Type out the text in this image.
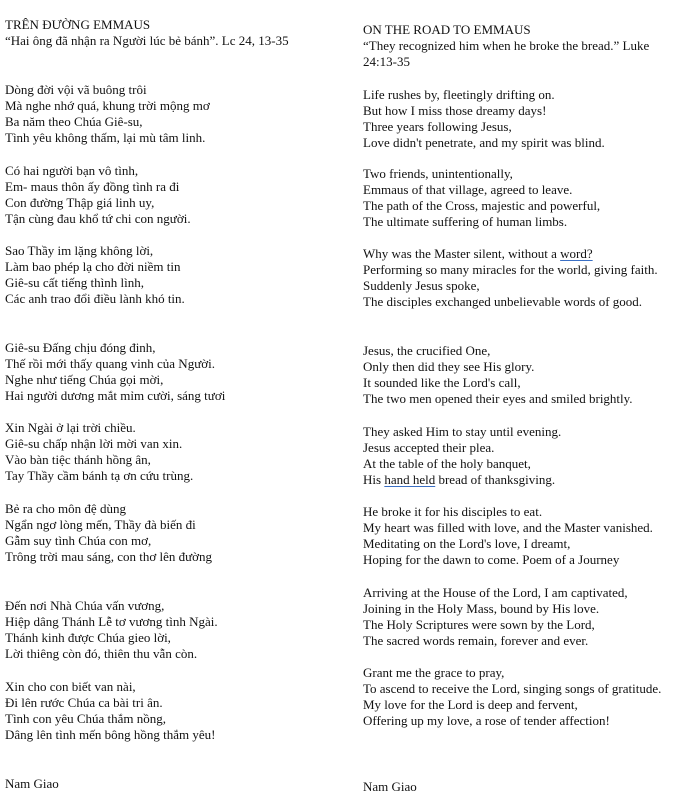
TRÊN ĐƯỜNG EMMAUS
“Hai ông đã nhận ra Người lúc bẻ bánh”. Lc 24, 13-35
Dòng đời vội vã buông trôi
Mà nghe nhớ quá, khung trời mộng mơ
Ba năm theo Chúa Giê-su,
Tình yêu không thấm, lại mù tâm linh.
Có hai người bạn vô tình,
Em- maus thôn ấy đồng tình ra đi
Con đường Thập giá linh uy,
Tận cùng đau khổ tứ chi con người.
Sao Thầy im lặng không lời,
Làm bao phép lạ cho đời niềm tin
Giê-su cất tiếng thình lình,
Các anh trao đổi điều lành khó tin.
Giê-su Đấng chịu đóng đinh,
Thế rồi mới thấy quang vinh của Người.
Nghe như tiếng Chúa gọi mời,
Hai người dương mắt mỉm cười, sáng tươi
Xin Ngài ở lại trời chiều.
Giê-su chấp nhận lời mời van xin.
Vào bàn tiệc thánh hồng ân,
Tay Thầy cầm bánh tạ ơn cứu trùng.
Bẻ ra cho môn đệ dùng
Ngẩn ngơ lòng mến, Thầy đà biến đi
Gẫm suy tình Chúa con mơ,
Trông trời mau sáng, con thơ lên đường
Đến nơi Nhà Chúa vấn vương,
Hiệp dâng Thánh Lễ tơ vương tình Ngài.
Thánh kinh được Chúa gieo lời,
Lời thiêng còn đó, thiên thu vẫn còn.
Xin cho con biết van nài,
Đi lên rước Chúa ca bài tri ân.
Tình con yêu Chúa thắm nồng,
Dâng lên tình mến bông hồng thắm yêu!
Nam Giao
ON THE ROAD TO EMMAUS
“They recognized him when he broke the bread.” Luke 24:13-35
Life rushes by, fleetingly drifting on.
But how I miss those dreamy days!
Three years following Jesus,
Love didn't penetrate, and my spirit was blind.
Two friends, unintentionally,
Emmaus of that village, agreed to leave.
The path of the Cross, majestic and powerful,
The ultimate suffering of human limbs.
Why was the Master silent, without a word?
Performing so many miracles for the world, giving faith.
Suddenly Jesus spoke,
The disciples exchanged unbelievable words of good.
Jesus, the crucified One,
Only then did they see His glory.
It sounded like the Lord's call,
The two men opened their eyes and smiled brightly.
They asked Him to stay until evening.
Jesus accepted their plea.
At the table of the holy banquet,
His hand held bread of thanksgiving.
He broke it for his disciples to eat.
My heart was filled with love, and the Master vanished.
Meditating on the Lord's love, I dreamt,
Hoping for the dawn to come. Poem of a Journey
Arriving at the House of the Lord, I am captivated,
Joining in the Holy Mass, bound by His love.
The Holy Scriptures were sown by the Lord,
The sacred words remain, forever and ever.
Grant me the grace to pray,
To ascend to receive the Lord, singing songs of gratitude.
My love for the Lord is deep and fervent,
Offering up my love, a rose of tender affection!
Nam Giao
